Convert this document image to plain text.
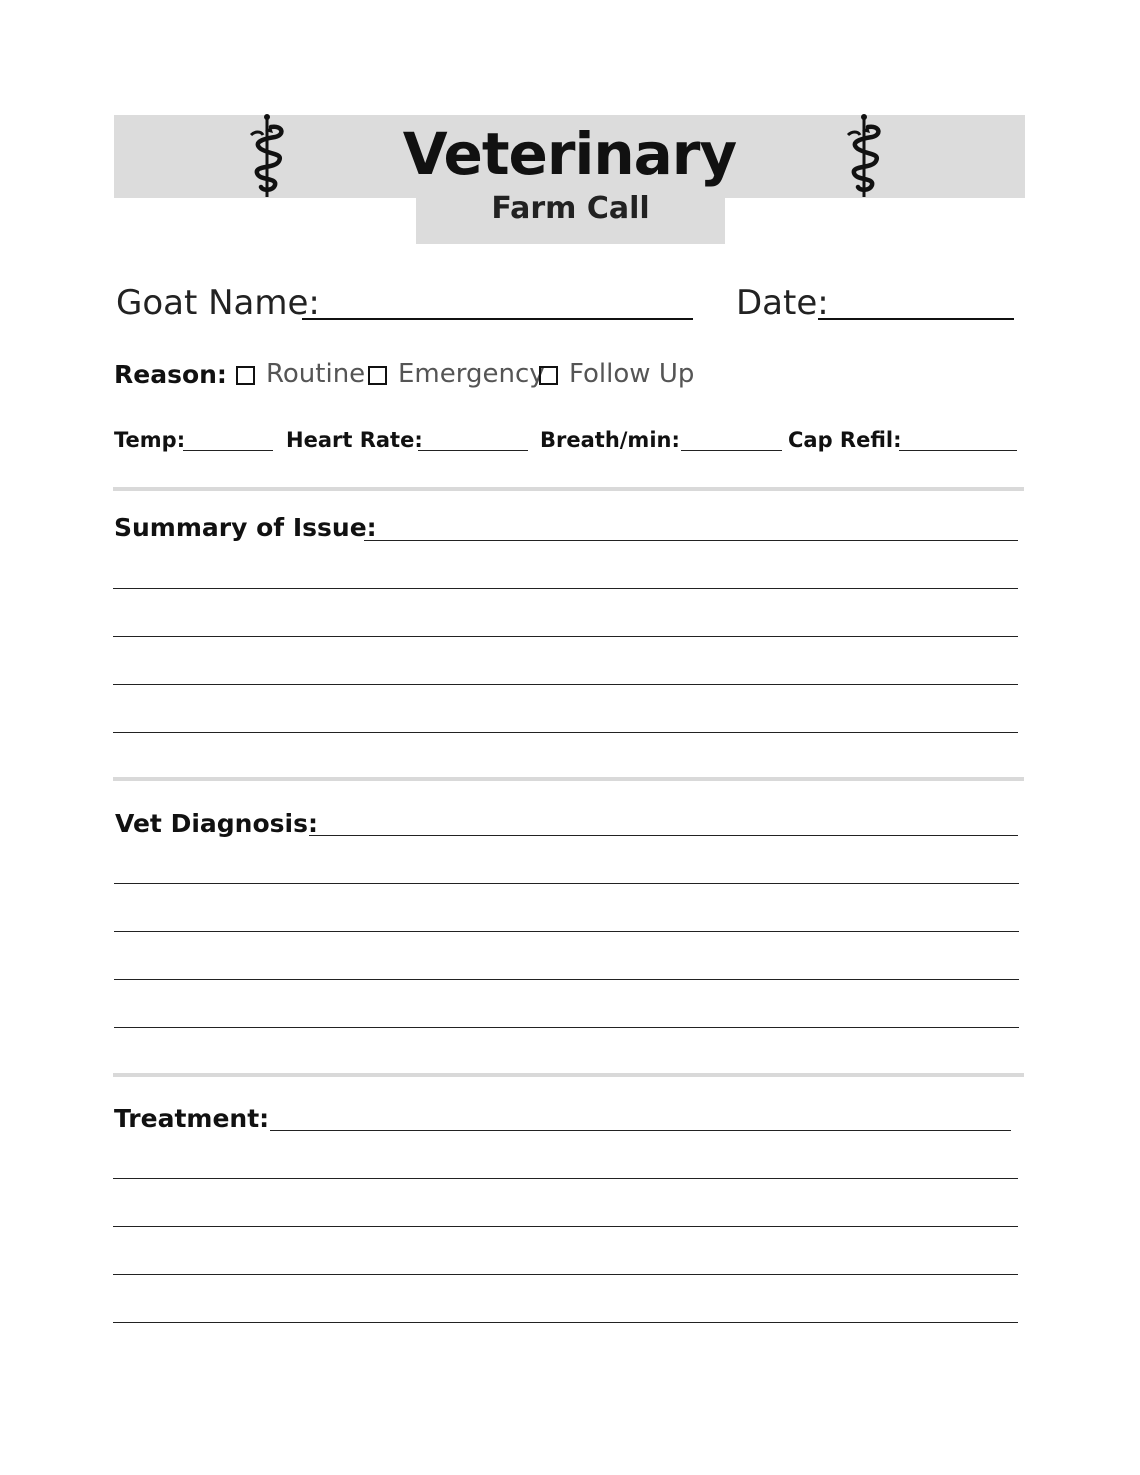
Veterinary
Farm Call
Goat Name:	Date:
Reason: Routine Emergency Follow Up
Temp:	Heart Rate:	Breath/min:	Cap Refil:
Summary of Issue:
Vet Diagnosis:
Treatment:
